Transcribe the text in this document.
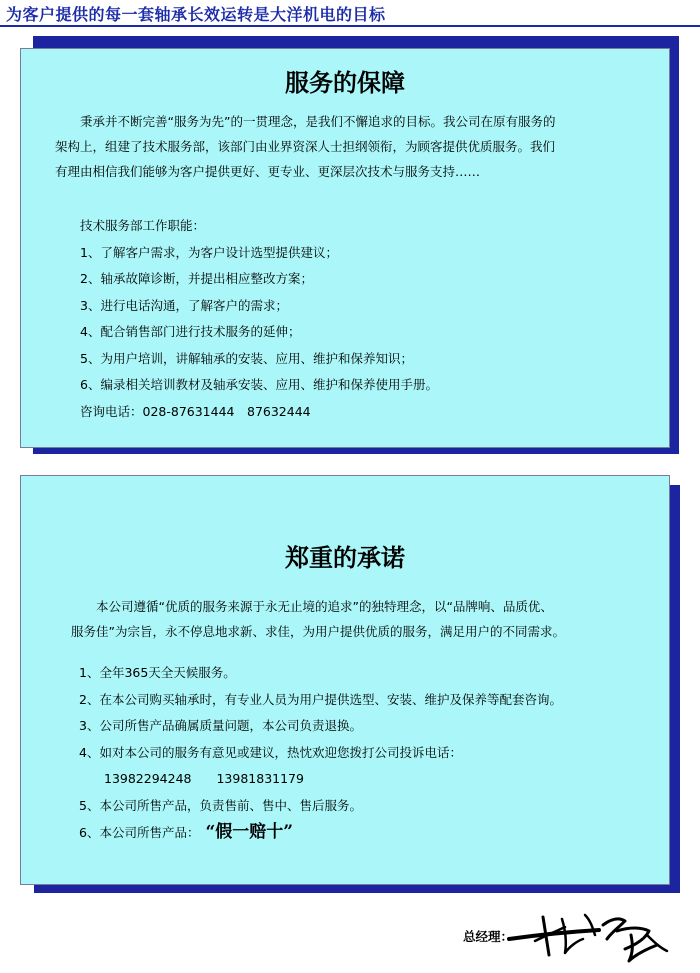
为客户提供的每一套轴承长效运转是大洋机电的目标
服务的保障

　　秉承并不断完善“服务为先”的一贯理念，是我们不懈追求的目标。我公司在原有服务的

架构上，组建了技术服务部，该部门由业界资深人士担纲领衔，为顾客提供优质服务。我们

有理由相信我们能够为客户提供更好、更专业、更深层次技术与服务支持……

技术服务部工作职能：
1、了解客户需求，为客户设计选型提供建议；
2、轴承故障诊断，并提出相应整改方案；
3、进行电话沟通，了解客户的需求；
4、配合销售部门进行技术服务的延伸；
5、为用户培训，讲解轴承的安装、应用、维护和保养知识；
6、编录相关培训教材及轴承安装、应用、维护和保养使用手册。
咨询电话：028-87631444　87632444
郑重的承诺

　　本公司遵循“优质的服务来源于永无止境的追求”的独特理念，以“品牌响、品质优、

服务佳”为宗旨，永不停息地求新、求佳，为用户提供优质的服务，满足用户的不同需求。

1、全年365天全天候服务。
2、在本公司购买轴承时，有专业人员为用户提供选型、安装、维护及保养等配套咨询。
3、公司所售产品确属质量问题，本公司负责退换。
4、如对本公司的服务有意见或建议，热忱欢迎您拨打公司投诉电话：
　　13982294248　　13981831179
5、本公司所售产品，负责售前、售中、售后服务。
6、本公司所售产品： “假一赔十”
总经理：
